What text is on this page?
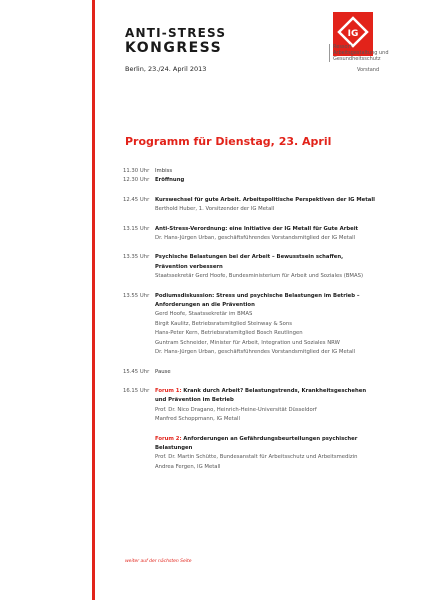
ANTI-STRESS
KONGRESS
Berlin, 23./24. April 2013
IG
Ressort
Arbeitsgestaltung und
Gesundheitsschutz
Vorstand
Programm für Dienstag, 23. April
11.30 Uhr	Imbiss
12.30 Uhr	Eröffnung
12.45 Uhr	Kurswechsel für gute Arbeit. Arbeitspolitische Perspektiven der IG Metall
Berthold Huber, 1. Vorsitzender der IG Metall
13.15 Uhr	Anti-Stress-Verordnung: eine Initiative der IG Metall für Gute Arbeit
Dr. Hans-Jürgen Urban, geschäftsführendes Vorstandsmitglied der IG Metall
13.35 Uhr	Psychische Belastungen bei der Arbeit – Bewusstsein schaffen,
Prävention verbessern
Staatssekretär Gerd Hoofe, Bundesministerium für Arbeit und Soziales (BMAS)
13.55 Uhr	Podiumsdiskussion: Stress und psychische Belastungen im Betrieb –
Anforderungen an die Prävention
Gerd Hoofe, Staatssekretär im BMAS
Birgit Kaulitz, Betriebsratsmitglied Steinway & Sons
Hans-Peter Kern, Betriebsratsmitglied Bosch Reutlingen
Guntram Schneider, Minister für Arbeit, Integration und Soziales NRW
Dr. Hans-Jürgen Urban, geschäftsführendes Vorstandsmitglied der IG Metall
15.45 Uhr	Pause
16.15 Uhr	Forum 1: Krank durch Arbeit? Belastungstrends, Krankheitsgeschehen
und Prävention im Betrieb
Prof. Dr. Nico Dragano, Heinrich-Heine-Universität Düsseldorf
Manfred Schoppmann, IG Metall
Forum 2: Anforderungen an Gefährdungsbeurteilungen psychischer
Belastungen
Prof. Dr. Martin Schütte, Bundesanstalt für Arbeitsschutz und Arbeitsmedizin
Andrea Fergen, IG Metall
weiter auf der nächsten Seite
